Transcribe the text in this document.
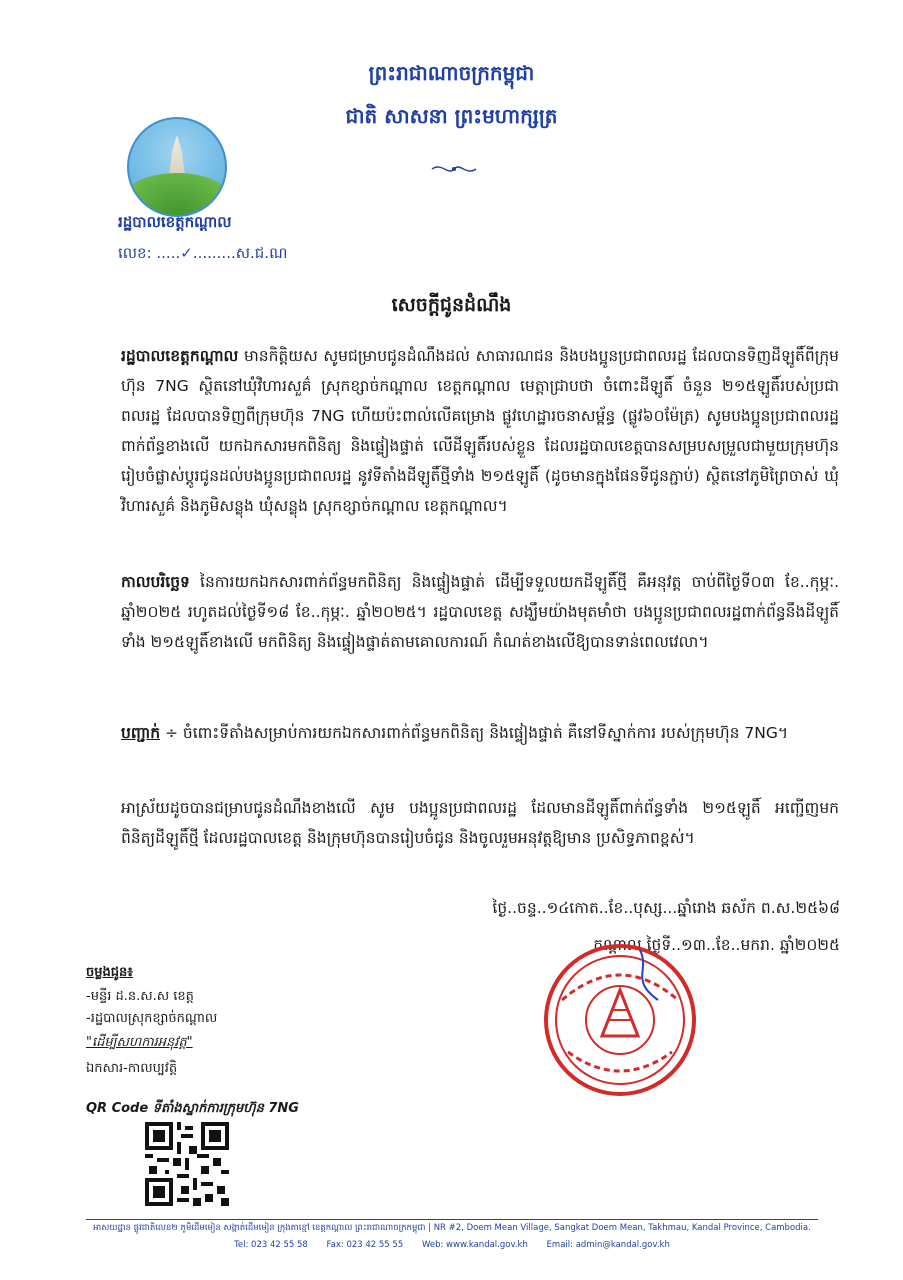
ព្រះរាជាណាចក្រកម្ពុជា
ជាតិ សាសនា ព្រះមហាក្សត្រ
រដ្ឋបាលខេត្តកណ្តាល
លេខ: .....✓.........ស.ជ.ណ
សេចក្តីជូនដំណឹង
រដ្ឋបាលខេត្តកណ្តាល មានកិត្តិយស សូមជម្រាបជូនដំណឹងដល់ សាធារណជន និងបងប្អូនប្រជាពលរដ្ឋ ដែលបានទិញដីឡូតិ៍ពីក្រុមហ៊ុន 7NG ស្ថិតនៅឃុំវិហារសួគ៌ ស្រុកខ្សាច់កណ្តាល ខេត្តកណ្តាល មេត្តាជ្រាបថា ចំពោះដីឡូតិ៍ ចំនួន ២១៥ឡូតិ៍របស់ប្រជាពលរដ្ឋ ដែលបានទិញពីក្រុមហ៊ុន 7NG ហើយប៉ះពាល់លើគម្រោង ផ្លូវហេដ្ឋារចនាសម្ព័ន្ធ (ផ្លូវ៦០ម៉ែត្រ) សូមបងប្អូនប្រជាពលរដ្ឋពាក់ព័ន្ធខាងលើ យកឯកសារមកពិនិត្យ និងផ្ទៀងផ្ទាត់ លើដីឡូតិ៍របស់ខ្លួន ដែលរដ្ឋបាលខេត្តបានសម្របសម្រួលជាមួយក្រុមហ៊ុន រៀបចំផ្លាស់ប្តូរជូនដល់បងប្អូនប្រជាពលរដ្ឋ នូវទីតាំងដីឡូតិ៍ថ្មីទាំង ២១៥ឡូតិ៍ (ដូចមានក្នុងផែនទីជូនភ្ជាប់) ស្ថិតនៅភូមិព្រៃចាស់ ឃុំវិហារសួគ៌ និងភូមិសន្លុង ឃុំសន្លុង ស្រុកខ្សាច់កណ្តាល ខេត្តកណ្តាល។
កាលបរិច្ឆេទ នៃការយកឯកសារពាក់ព័ន្ធមកពិនិត្យ និងផ្ទៀងផ្ទាត់ ដើម្បីទទួលយកដីឡូតិ៍ថ្មី គឺអនុវត្ត ចាប់ពីថ្ងៃទី០៣ ខែ..កុម្ភៈ. ឆ្នាំ២០២៥ រហូតដល់ថ្ងៃទី១៨ ខែ..កុម្ភៈ. ឆ្នាំ២០២៥។ រដ្ឋបាលខេត្ត សង្ឃឹមយ៉ាងមុតមាំថា បងប្អូនប្រជាពលរដ្ឋពាក់ព័ន្ធនឹងដីឡូតិ៍ទាំង ២១៥ឡូតិ៍ខាងលើ មកពិនិត្យ និងផ្ទៀងផ្ទាត់តាមគោលការណ៍ កំណត់ខាងលើឱ្យបានទាន់ពេលវេលា។
បញ្ជាក់ ÷ ចំពោះទីតាំងសម្រាប់ការយកឯកសារពាក់ព័ន្ធមកពិនិត្យ និងផ្ទៀងផ្ទាត់ គឺនៅទីស្នាក់ការ របស់ក្រុមហ៊ុន 7NG។
អាស្រ័យដូចបានជម្រាបជូនដំណឹងខាងលើ សូម បងប្អូនប្រជាពលរដ្ឋ ដែលមានដីឡូតិ៍ពាក់ព័ន្ធទាំង ២១៥ឡូតិ៍ អញ្ជើញមកពិនិត្យដីឡូតិ៍ថ្មី ដែលរដ្ឋបាលខេត្ត និងក្រុមហ៊ុនបានរៀបចំជូន និងចូលរួមអនុវត្តឱ្យមាន ប្រសិទ្ធភាពខ្ពស់។
ថ្ងៃ..ចន្ទ..១៤កោត..ខែ..បុស្ស...ឆ្នាំរោង ឆស័ក ព.ស.២៥៦៨
កណ្តាល ថ្ងៃទី..១៣..ខែ..មករា. ឆ្នាំ២០២៥
ចម្លងជូន៖
-មន្ទីរ ដ.ន.ស.ស ខេត្ត
-រដ្ឋបាលស្រុកខ្សាច់កណ្តាល
"ដើម្បីសហការអនុវត្ត"
ឯកសារ-កាលប្បវត្តិ
QR Code ទីតាំងស្នាក់ការក្រុមហ៊ុន 7NG
អាសយដ្ឋាន ផ្លូវជាតិលេខ២ ភូមិដើមមៀន សង្កាត់ដើមមៀន ក្រុងតាខ្មៅ ខេត្តកណ្តាល ព្រះរាជាណាចក្រកម្ពុជា | NR #2, Doem Mean Village, Sangkat Doem Mean, Takhmau, Kandal Province, Cambodia.
Tel: 023 42 55 58 Fax: 023 42 55 55 Web: www.kandal.gov.kh Email: admin@kandal.gov.kh
